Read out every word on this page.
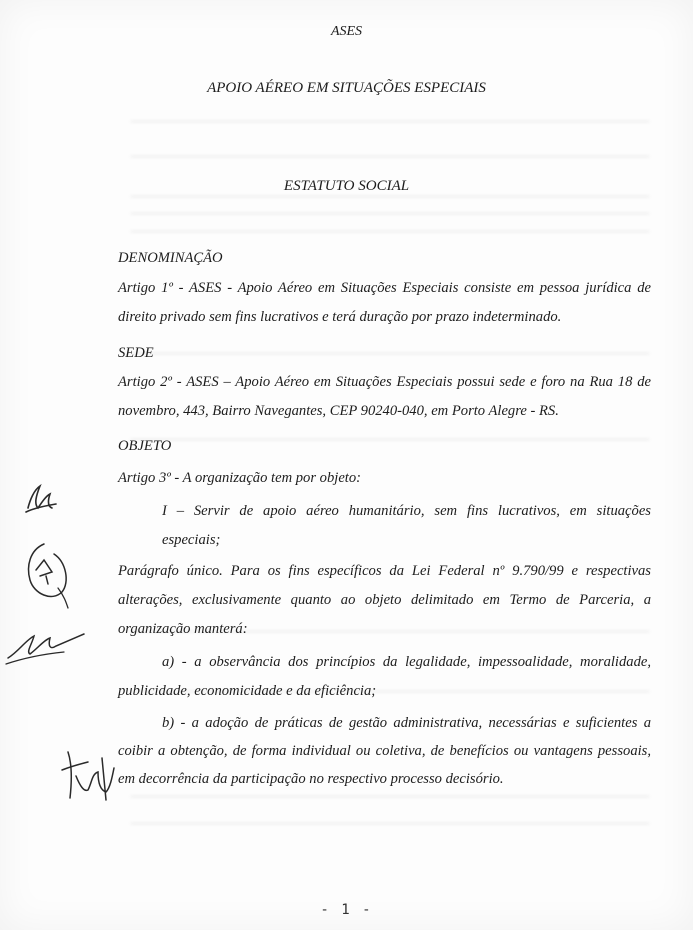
ASES
APOIO AÉREO EM SITUAÇÕES ESPECIAIS
ESTATUTO SOCIAL
DENOMINAÇÃO
Artigo 1º - ASES - Apoio Aéreo em Situações Especiais consiste em pessoa jurídica de
direito privado sem fins lucrativos e terá duração por prazo indeterminado.
SEDE
Artigo 2º - ASES – Apoio Aéreo em Situações Especiais possui sede e foro na Rua 18 de
novembro, 443, Bairro Navegantes, CEP 90240-040, em Porto Alegre - RS.
OBJETO
Artigo 3º - A organização tem por objeto:
I – Servir de apoio aéreo humanitário, sem fins lucrativos, em situações
especiais;
Parágrafo único. Para os fins específicos da Lei Federal nº 9.790/99 e respectivas
alterações, exclusivamente quanto ao objeto delimitado em Termo de Parceria, a
organização manterá:
a) - a observância dos princípios da legalidade, impessoalidade, moralidade,
publicidade, economicidade e da eficiência;
b) - a adoção de práticas de gestão administrativa, necessárias e suficientes a
coibir a obtenção, de forma individual ou coletiva, de benefícios ou vantagens pessoais,
em decorrência da participação no respectivo processo decisório.
- 1 -
